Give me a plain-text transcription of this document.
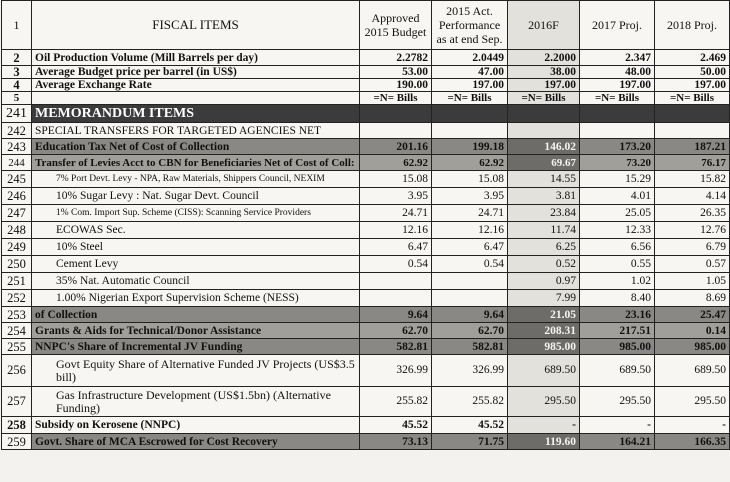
1	FISCAL ITEMS	Approved 2015 Budget	2015 Act. Performance as at end Sep.	2016F	2017 Proj.	2018 Proj.
2	Oil Production Volume (Mill Barrels per day)	2.2782	2.0449	2.2000	2.347	2.469
3	Average Budget price per barrel (in US$)	53.00	47.00	38.00	48.00	50.00
4	Average Exchange Rate	190.00	197.00	197.00	197.00	197.00
5		=N= Bills	=N= Bills	=N= Bills	=N= Bills	=N= Bills
241	MEMORANDUM ITEMS					
242	SPECIAL TRANSFERS FOR TARGETED AGENCIES NET					
243	Education Tax Net of Cost of Collection	201.16	199.18	146.02	173.20	187.21
244	Transfer of Levies Acct to CBN for Beneficiaries Net of Cost of Coll:	62.92	62.92	69.67	73.20	76.17
245	7% Port Devt. Levy - NPA, Raw Materials, Shippers Council, NEXIM	15.08	15.08	14.55	15.29	15.82
246	10% Sugar Levy : Nat. Sugar Devt. Council	3.95	3.95	3.81	4.01	4.14
247	1% Com. Import Sup. Scheme (CISS): Scanning Service Providers	24.71	24.71	23.84	25.05	26.35
248	ECOWAS Sec.	12.16	12.16	11.74	12.33	12.76
249	10% Steel	6.47	6.47	6.25	6.56	6.79
250	Cement Levy	0.54	0.54	0.52	0.55	0.57
251	35% Nat. Automatic Council			0.97	1.02	1.05
252	1.00% Nigerian Export Supervision Scheme (NESS)			7.99	8.40	8.69
253	of Collection	9.64	9.64	21.05	23.16	25.47
254	Grants & Aids for Technical/Donor Assistance	62.70	62.70	208.31	217.51	0.14
255	NNPC's Share of Incremental JV Funding	582.81	582.81	985.00	985.00	985.00
256	Govt Equity Share of Alternative Funded JV Projects (US$3.5 bill)	326.99	326.99	689.50	689.50	689.50
257	Gas Infrastructure Development (US$1.5bn) (Alternative Funding)	255.82	255.82	295.50	295.50	295.50
258	Subsidy on Kerosene (NNPC)	45.52	45.52	-	-	-
259	Govt. Share of MCA Escrowed for Cost Recovery	73.13	71.75	119.60	164.21	166.35
